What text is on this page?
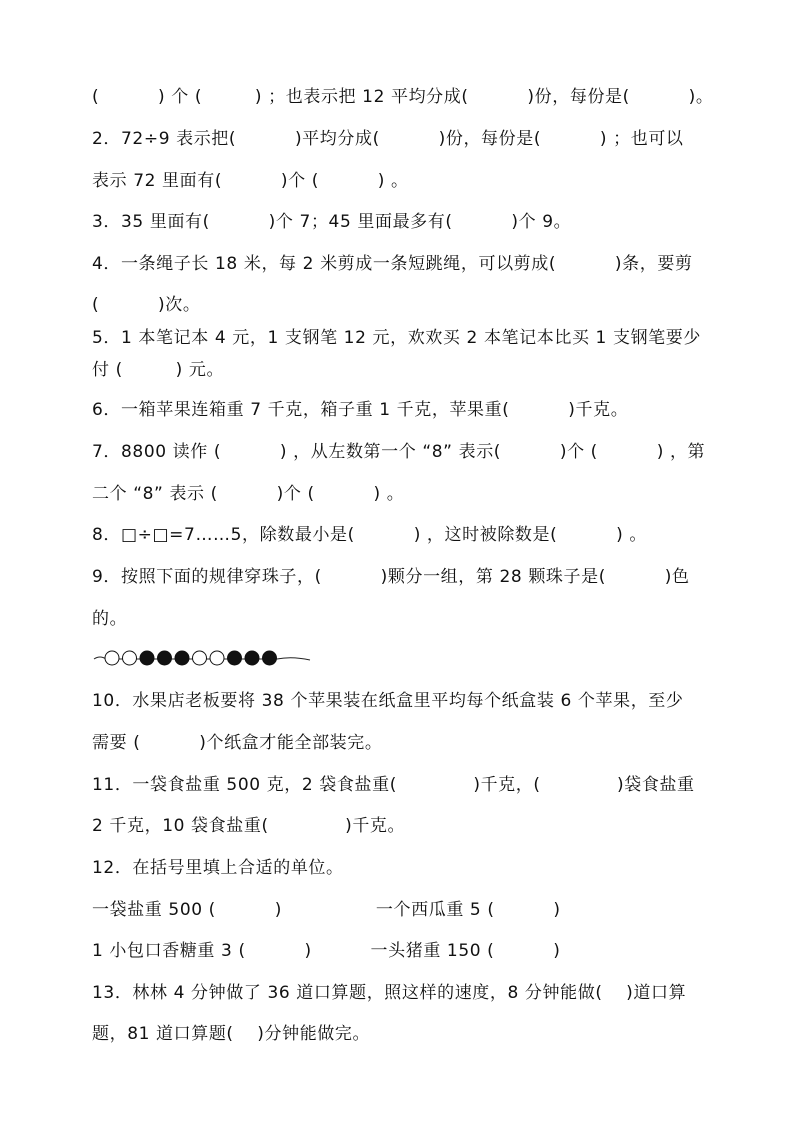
(　　　 ) 个 (　　　) ；也表示把 12 平均分成(　　　 )份，每份是(　　　 )。
2．72÷9 表示把(　　　 )平均分成(　　　 )份，每份是(　　　 ) ；也可以
表示 72 里面有(　　　 )个 (　　　 ) 。
3．35 里面有(　　　 )个 7；45 里面最多有(　　　 )个 9。
4．一条绳子长 18 米，每 2 米剪成一条短跳绳，可以剪成(　　　 )条，要剪
(　　　 )次。
5．1 本笔记本 4 元，1 支钢笔 12 元，欢欢买 2 本笔记本比买 1 支钢笔要少
付 (　　　) 元。
6．一箱苹果连箱重 7 千克，箱子重 1 千克，苹果重(　　　 )千克。
7．8800 读作 (　　　 ) ，从左数第一个 “8” 表示(　　　 )个 (　　　 ) ，第
二个 “8” 表示 (　　　 )个 (　　　 ) 。
8．□÷□=7……5，除数最小是(　　　 ) ，这时被除数是(　　　 ) 。
9．按照下面的规律穿珠子，(　　　 )颗分一组，第 28 颗珠子是(　　　 )色
的。
10．水果店老板要将 38 个苹果装在纸盒里平均每个纸盒装 6 个苹果，至少
需要 (　　　 )个纸盒才能全部装完。
11．一袋食盐重 500 克，2 袋食盐重(　　　　 )千克，(　　　　 )袋食盐重
2 千克，10 袋食盐重(　　　　 )千克。
12．在括号里填上合适的单位。
一袋盐重 500 (　　　 )　　　　　 一个西瓜重 5 (　　　 )
1 小包口香糖重 3 (　　　 )　　　 一头猪重 150 (　　　 )
13．林林 4 分钟做了 36 道口算题，照这样的速度，8 分钟能做(　 )道口算
题，81 道口算题(　 )分钟能做完。
